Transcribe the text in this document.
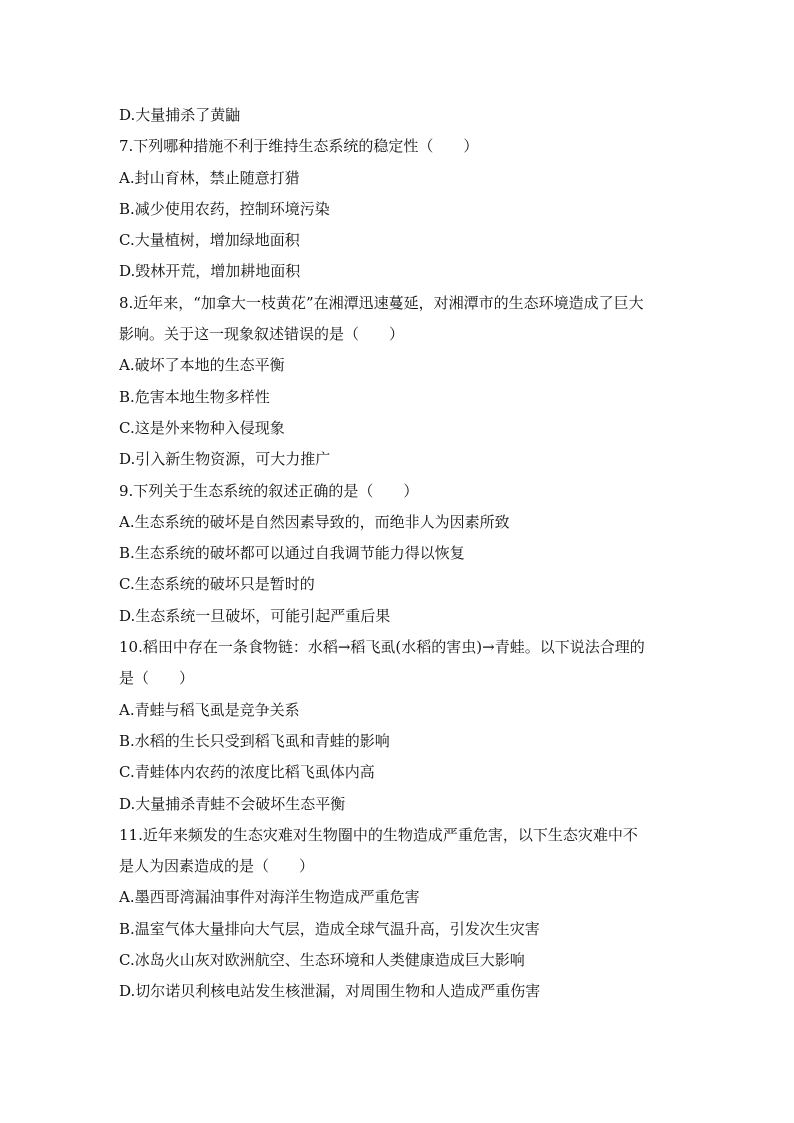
D.大量捕杀了黄鼬
7.下列哪种措施不利于维持生态系统的稳定性（　　）
A.封山育林，禁止随意打猎
B.减少使用农药，控制环境污染
C.大量植树，增加绿地面积
D.毁林开荒，增加耕地面积
8.近年来，“加拿大一枝黄花”在湘潭迅速蔓延，对湘潭市的生态环境造成了巨大
影响。关于这一现象叙述错误的是（　　）
A.破坏了本地的生态平衡
B.危害本地生物多样性
C.这是外来物种入侵现象
D.引入新生物资源，可大力推广
9.下列关于生态系统的叙述正确的是（　　）
A.生态系统的破坏是自然因素导致的，而绝非人为因素所致
B.生态系统的破坏都可以通过自我调节能力得以恢复
C.生态系统的破坏只是暂时的
D.生态系统一旦破坏，可能引起严重后果
10.稻田中存在一条食物链：水稻→稻飞虱(水稻的害虫)→青蛙。以下说法合理的
是（　　）
A.青蛙与稻飞虱是竞争关系
B.水稻的生长只受到稻飞虱和青蛙的影响
C.青蛙体内农药的浓度比稻飞虱体内高
D.大量捕杀青蛙不会破坏生态平衡
11.近年来频发的生态灾难对生物圈中的生物造成严重危害，以下生态灾难中不
是人为因素造成的是（　　）
A.墨西哥湾漏油事件对海洋生物造成严重危害
B.温室气体大量排向大气层，造成全球气温升高，引发次生灾害
C.冰岛火山灰对欧洲航空、生态环境和人类健康造成巨大影响
D.切尔诺贝利核电站发生核泄漏，对周围生物和人造成严重伤害
